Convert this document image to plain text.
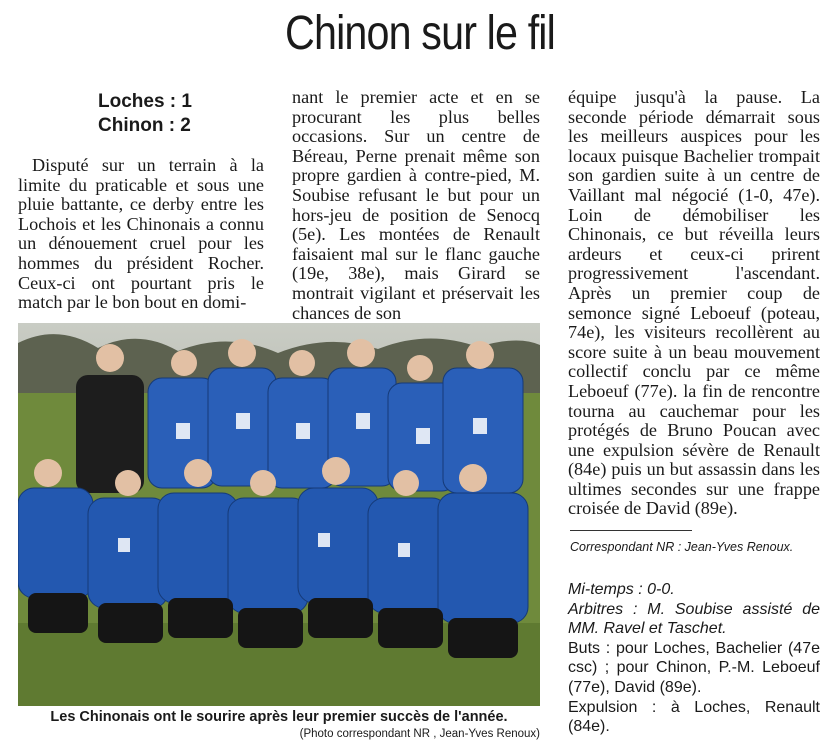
Chinon sur le fil
Loches : 1
Chinon : 2

Disputé sur un terrain à la limite du praticable et sous une pluie battante, ce derby entre les Lochois et les Chinonais a connu un dénouement cruel pour les hommes du président Rocher. Ceux-ci ont pourtant pris le match par le bon bout en domi-

nant le premier acte et en se procurant les plus belles occasions. Sur un centre de Béreau, Perne prenait même son propre gardien à contre-pied, M. Soubise refusant le but pour un hors-jeu de position de Senocq (5e). Les montées de Renault faisaient mal sur le flanc gauche (19e, 38e), mais Girard se montrait vigilant et préservait les chances de son

équipe jusqu'à la pause. La seconde période démarrait sous les meilleurs auspices pour les locaux puisque Bachelier trompait son gardien suite à un centre de Vaillant mal négocié (1-0, 47e). Loin de démobiliser les Chinonais, ce but réveilla leurs ardeurs et ceux-ci prirent progressivement l'ascendant. Après un premier coup de semonce signé Leboeuf (poteau, 74e), les visiteurs recollèrent au score suite à un beau mouvement collectif conclu par ce même Leboeuf (77e). la fin de rencontre tourna au cauchemar pour les protégés de Bruno Poucan avec une expulsion sévère de Renault (84e) puis un but assassin dans les ultimes secondes sur une frappe croisée de David (89e).

Les Chinonais ont le sourire après leur premier succès de l'année.
(Photo correspondant NR , Jean-Yves Renoux)
Correspondant NR : Jean-Yves Renoux.
Mi-temps : 0-0.
Arbitres : M. Soubise assisté de MM. Ravel et Taschet.
Buts : pour Loches, Bachelier (47e csc) ; pour Chinon, P.-M. Leboeuf (77e), David (89e).
Expulsion : à Loches, Renault (84e).
